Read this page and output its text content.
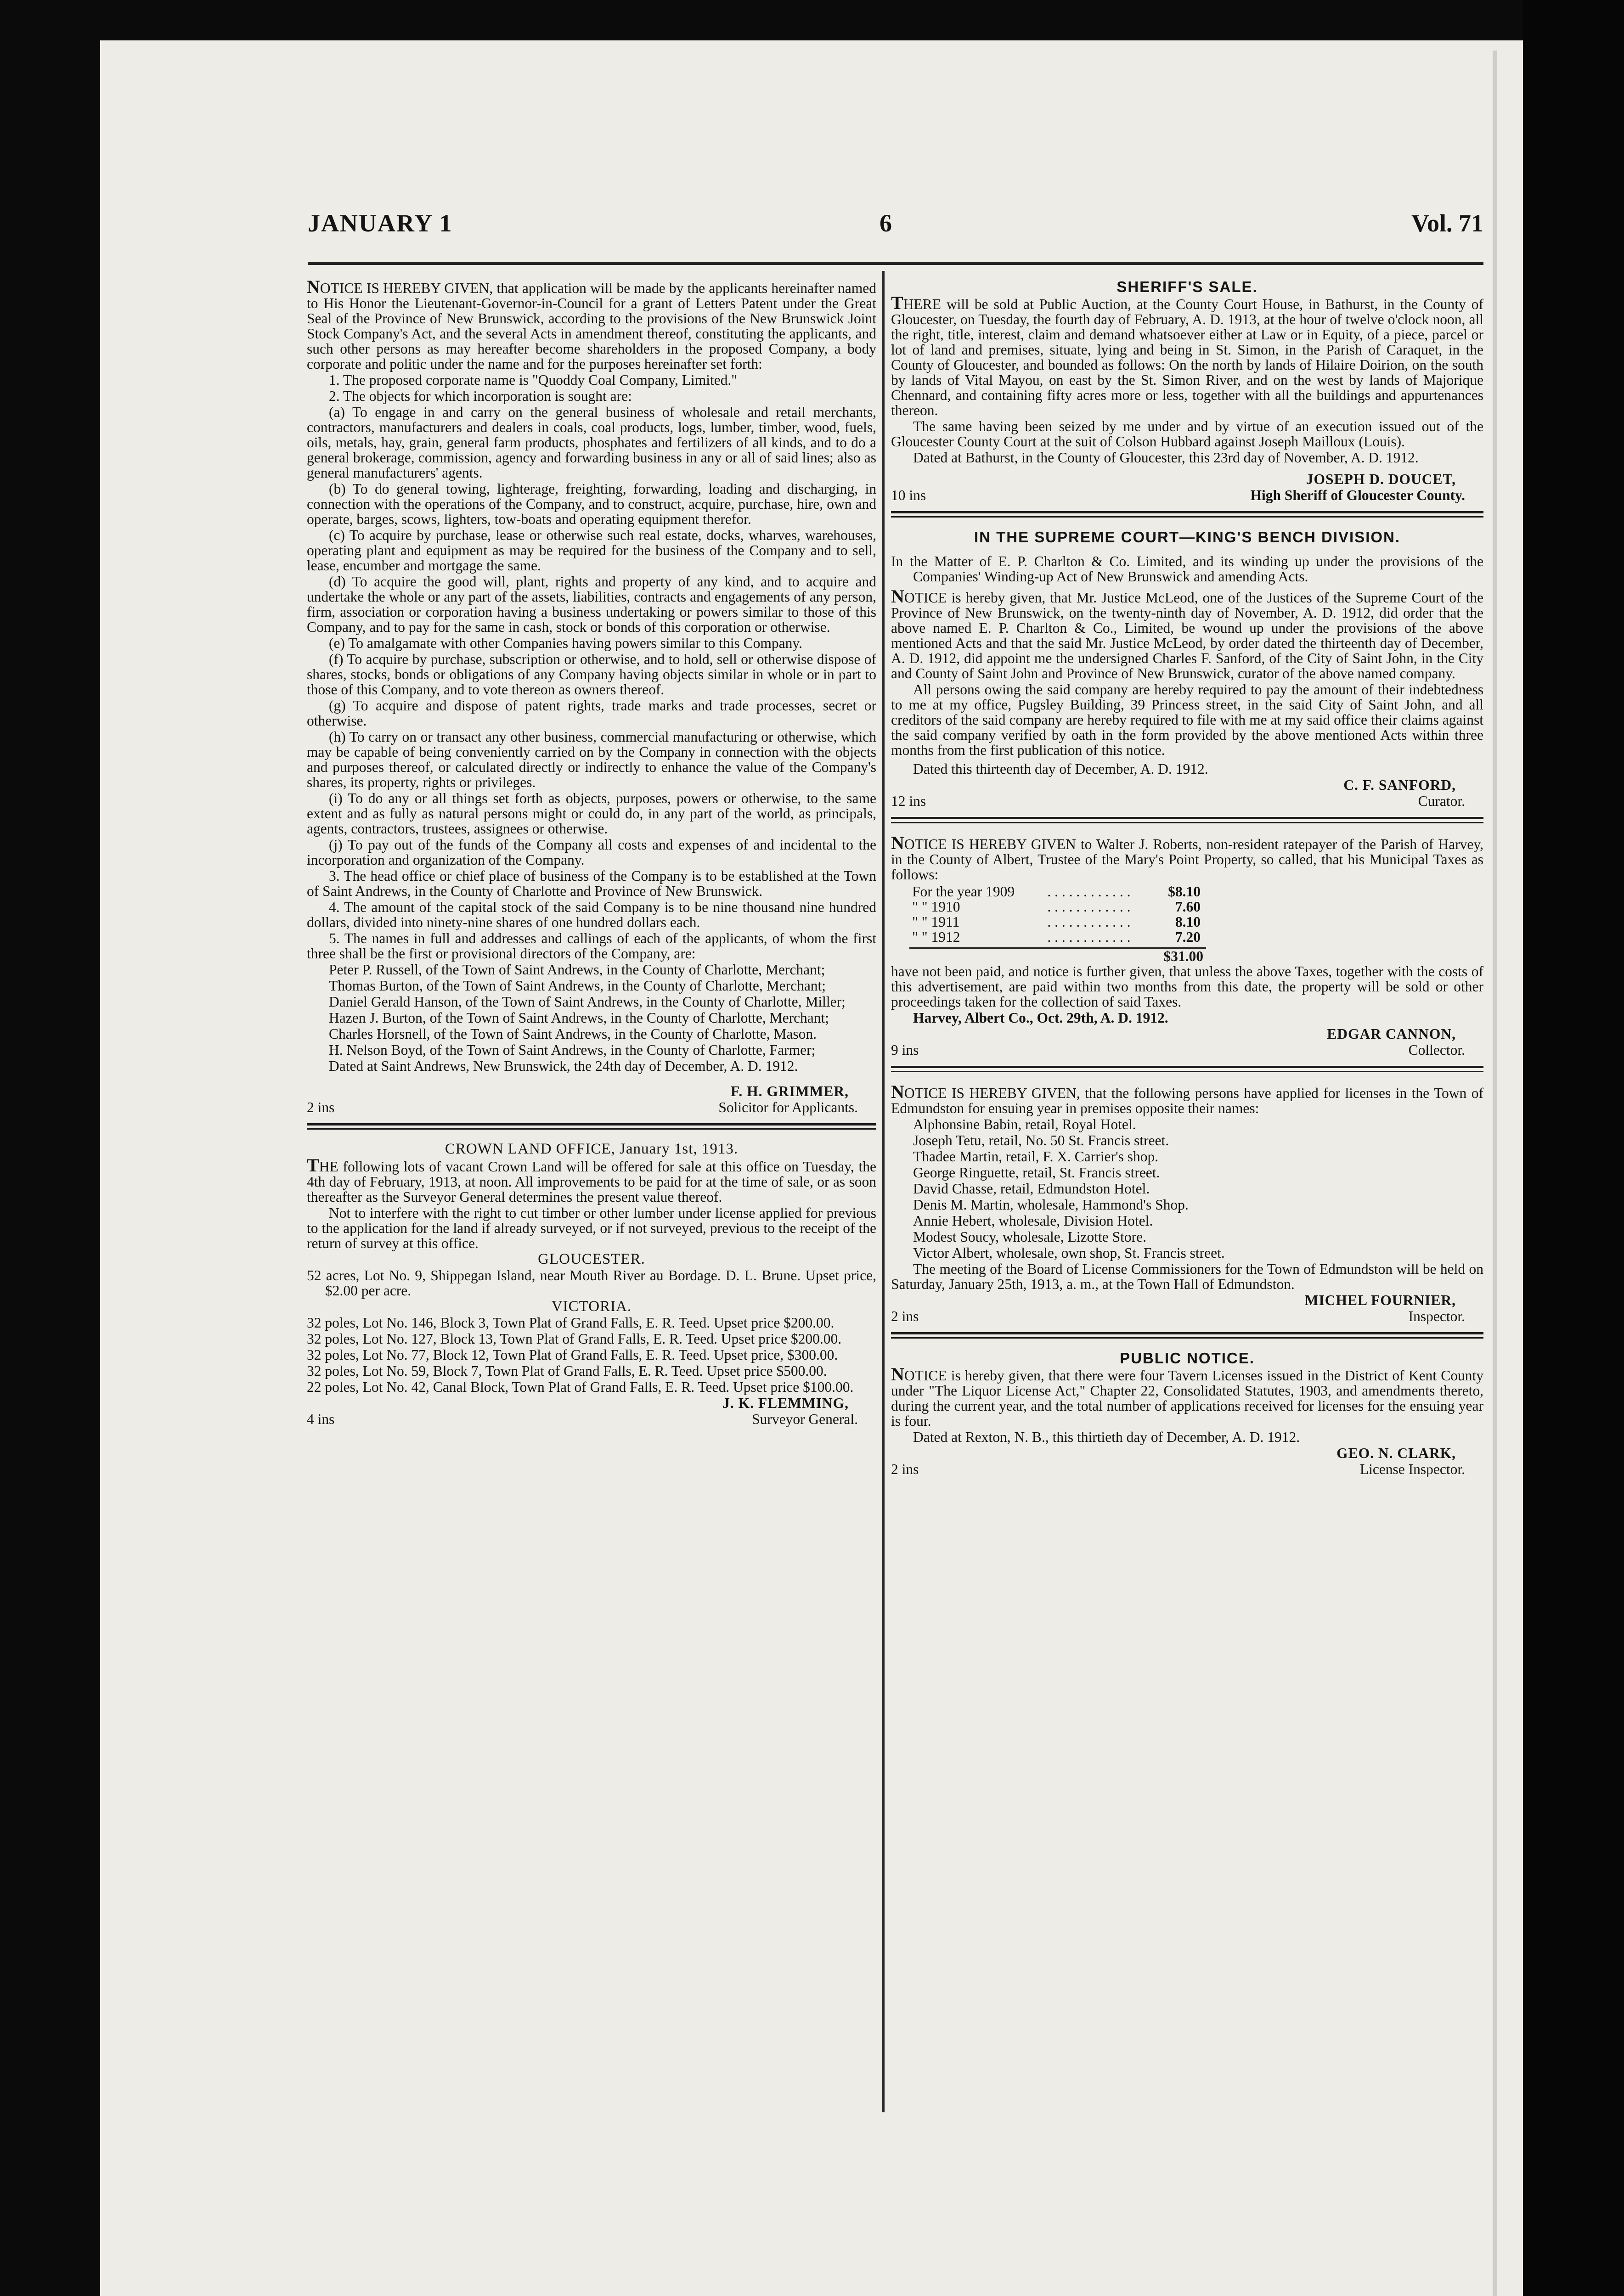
JANUARY 1	6	Vol. 71

NOTICE IS HEREBY GIVEN, that application will be made by the applicants hereinafter named to His Honor the Lieutenant-Governor-in-Council for a grant of Letters Patent under the Great Seal of the Province of New Brunswick, according to the provisions of the New Brunswick Joint Stock Company's Act, and the several Acts in amendment thereof, constituting the applicants, and such other persons as may hereafter become shareholders in the proposed Company, a body corporate and politic under the name and for the purposes hereinafter set forth:

1. The proposed corporate name is "Quoddy Coal Company, Limited."

2. The objects for which incorporation is sought are:

(a) To engage in and carry on the general business of wholesale and retail merchants, contractors, manufacturers and dealers in coals, coal products, logs, lumber, timber, wood, fuels, oils, metals, hay, grain, general farm products, phosphates and fertilizers of all kinds, and to do a general brokerage, commission, agency and forwarding business in any or all of said lines; also as general manufacturers' agents.

(b) To do general towing, lighterage, freighting, forwarding, loading and discharging, in connection with the operations of the Company, and to construct, acquire, purchase, hire, own and operate, barges, scows, lighters, tow-boats and operating equipment therefor.

(c) To acquire by purchase, lease or otherwise such real estate, docks, wharves, warehouses, operating plant and equipment as may be required for the business of the Company and to sell, lease, encumber and mortgage the same.

(d) To acquire the good will, plant, rights and property of any kind, and to acquire and undertake the whole or any part of the assets, liabilities, contracts and engagements of any person, firm, association or corporation having a business undertaking or powers similar to those of this Company, and to pay for the same in cash, stock or bonds of this corporation or otherwise.

(e) To amalgamate with other Companies having powers similar to this Company.

(f) To acquire by purchase, subscription or otherwise, and to hold, sell or otherwise dispose of shares, stocks, bonds or obligations of any Company having objects similar in whole or in part to those of this Company, and to vote thereon as owners thereof.

(g) To acquire and dispose of patent rights, trade marks and trade processes, secret or otherwise.

(h) To carry on or transact any other business, commercial manufacturing or otherwise, which may be capable of being conveniently carried on by the Company in connection with the objects and purposes thereof, or calculated directly or indirectly to enhance the value of the Company's shares, its property, rights or privileges.

(i) To do any or all things set forth as objects, purposes, powers or otherwise, to the same extent and as fully as natural persons might or could do, in any part of the world, as principals, agents, contractors, trustees, assignees or otherwise.

(j) To pay out of the funds of the Company all costs and expenses of and incidental to the incorporation and organization of the Company.

3. The head office or chief place of business of the Company is to be established at the Town of Saint Andrews, in the County of Charlotte and Province of New Brunswick.

4. The amount of the capital stock of the said Company is to be nine thousand nine hundred dollars, divided into ninety-nine shares of one hundred dollars each.

5. The names in full and addresses and callings of each of the applicants, of whom the first three shall be the first or provisional directors of the Company, are:

Peter P. Russell, of the Town of Saint Andrews, in the County of Charlotte, Merchant;

Thomas Burton, of the Town of Saint Andrews, in the County of Charlotte, Merchant;

Daniel Gerald Hanson, of the Town of Saint Andrews, in the County of Charlotte, Miller;

Hazen J. Burton, of the Town of Saint Andrews, in the County of Charlotte, Merchant;

Charles Horsnell, of the Town of Saint Andrews, in the County of Charlotte, Mason.

H. Nelson Boyd, of the Town of Saint Andrews, in the County of Charlotte, Farmer;

Dated at Saint Andrews, New Brunswick, the 24th day of December, A. D. 1912.

F. H. GRIMMER,

2 ins	Solicitor for Applicants.

CROWN LAND OFFICE, January 1st, 1913.

THE following lots of vacant Crown Land will be offered for sale at this office on Tuesday, the 4th day of February, 1913, at noon. All improvements to be paid for at the time of sale, or as soon thereafter as the Surveyor General determines the present value thereof.

Not to interfere with the right to cut timber or other lumber under license applied for previous to the application for the land if already surveyed, or if not surveyed, previous to the receipt of the return of survey at this office.

GLOUCESTER.

52 acres, Lot No. 9, Shippegan Island, near Mouth River au Bordage. D. L. Brune. Upset price, $2.00 per acre.

VICTORIA.

32 poles, Lot No. 146, Block 3, Town Plat of Grand Falls, E. R. Teed. Upset price $200.00.

32 poles, Lot No. 127, Block 13, Town Plat of Grand Falls, E. R. Teed. Upset price $200.00.

32 poles, Lot No. 77, Block 12, Town Plat of Grand Falls, E. R. Teed. Upset price, $300.00.

32 poles, Lot No. 59, Block 7, Town Plat of Grand Falls, E. R. Teed. Upset price $500.00.

22 poles, Lot No. 42, Canal Block, Town Plat of Grand Falls, E. R. Teed. Upset price $100.00.

J. K. FLEMMING,

4 ins	Surveyor General.

SHERIFF'S SALE.

THERE will be sold at Public Auction, at the County Court House, in Bathurst, in the County of Gloucester, on Tuesday, the fourth day of February, A. D. 1913, at the hour of twelve o'clock noon, all the right, title, interest, claim and demand whatsoever either at Law or in Equity, of a piece, parcel or lot of land and premises, situate, lying and being in St. Simon, in the Parish of Caraquet, in the County of Gloucester, and bounded as follows: On the north by lands of Hilaire Doirion, on the south by lands of Vital Mayou, on east by the St. Simon River, and on the west by lands of Majorique Chennard, and containing fifty acres more or less, together with all the buildings and appurtenances thereon.

The same having been seized by me under and by virtue of an execution issued out of the Gloucester County Court at the suit of Colson Hubbard against Joseph Mailloux (Louis).

Dated at Bathurst, in the County of Gloucester, this 23rd day of November, A. D. 1912.

JOSEPH D. DOUCET,

10 ins	High Sheriff of Gloucester County.

IN THE SUPREME COURT—KING'S BENCH DIVISION.

In the Matter of E. P. Charlton & Co. Limited, and its winding up under the provisions of the Companies' Winding-up Act of New Brunswick and amending Acts.

NOTICE is hereby given, that Mr. Justice McLeod, one of the Justices of the Supreme Court of the Province of New Brunswick, on the twenty-ninth day of November, A. D. 1912, did order that the above named E. P. Charlton & Co., Limited, be wound up under the provisions of the above mentioned Acts and that the said Mr. Justice McLeod, by order dated the thirteenth day of December, A. D. 1912, did appoint me the undersigned Charles F. Sanford, of the City of Saint John, in the City and County of Saint John and Province of New Brunswick, curator of the above named company.

All persons owing the said company are hereby required to pay the amount of their indebtedness to me at my office, Pugsley Building, 39 Princess street, in the said City of Saint John, and all creditors of the said company are hereby required to file with me at my said office their claims against the said company verified by oath in the form provided by the above mentioned Acts within three months from the first publication of this notice.

Dated this thirteenth day of December, A. D. 1912.

C. F. SANFORD,

12 ins	Curator.

NOTICE IS HEREBY GIVEN to Walter J. Roberts, non-resident ratepayer of the Parish of Harvey, in the County of Albert, Trustee of the Mary's Point Property, so called, that his Municipal Taxes as follows:

For the year 1909	. . . . . . . . . . . .	$8.10
" " 1910	. . . . . . . . . . . .	7.60
" " 1911	. . . . . . . . . . . .	8.10
" " 1912	. . . . . . . . . . . .	7.20
$31.00

have not been paid, and notice is further given, that unless the above Taxes, together with the costs of this advertisement, are paid within two months from this date, the property will be sold or other proceedings taken for the collection of said Taxes.

Harvey, Albert Co., Oct. 29th, A. D. 1912.

EDGAR CANNON,

9 ins	Collector.

NOTICE IS HEREBY GIVEN, that the following persons have applied for licenses in the Town of Edmundston for ensuing year in premises opposite their names:

Alphonsine Babin, retail, Royal Hotel.

Joseph Tetu, retail, No. 50 St. Francis street.

Thadee Martin, retail, F. X. Carrier's shop.

George Ringuette, retail, St. Francis street.

David Chasse, retail, Edmundston Hotel.

Denis M. Martin, wholesale, Hammond's Shop.

Annie Hebert, wholesale, Division Hotel.

Modest Soucy, wholesale, Lizotte Store.

Victor Albert, wholesale, own shop, St. Francis street.

The meeting of the Board of License Commissioners for the Town of Edmundston will be held on Saturday, January 25th, 1913, a. m., at the Town Hall of Edmundston.

MICHEL FOURNIER,

2 ins	Inspector.

PUBLIC NOTICE.

NOTICE is hereby given, that there were four Tavern Licenses issued in the District of Kent County under "The Liquor License Act," Chapter 22, Consolidated Statutes, 1903, and amendments thereto, during the current year, and the total number of applications received for licenses for the ensuing year is four.

Dated at Rexton, N. B., this thirtieth day of December, A. D. 1912.

GEO. N. CLARK,

2 ins	License Inspector.
